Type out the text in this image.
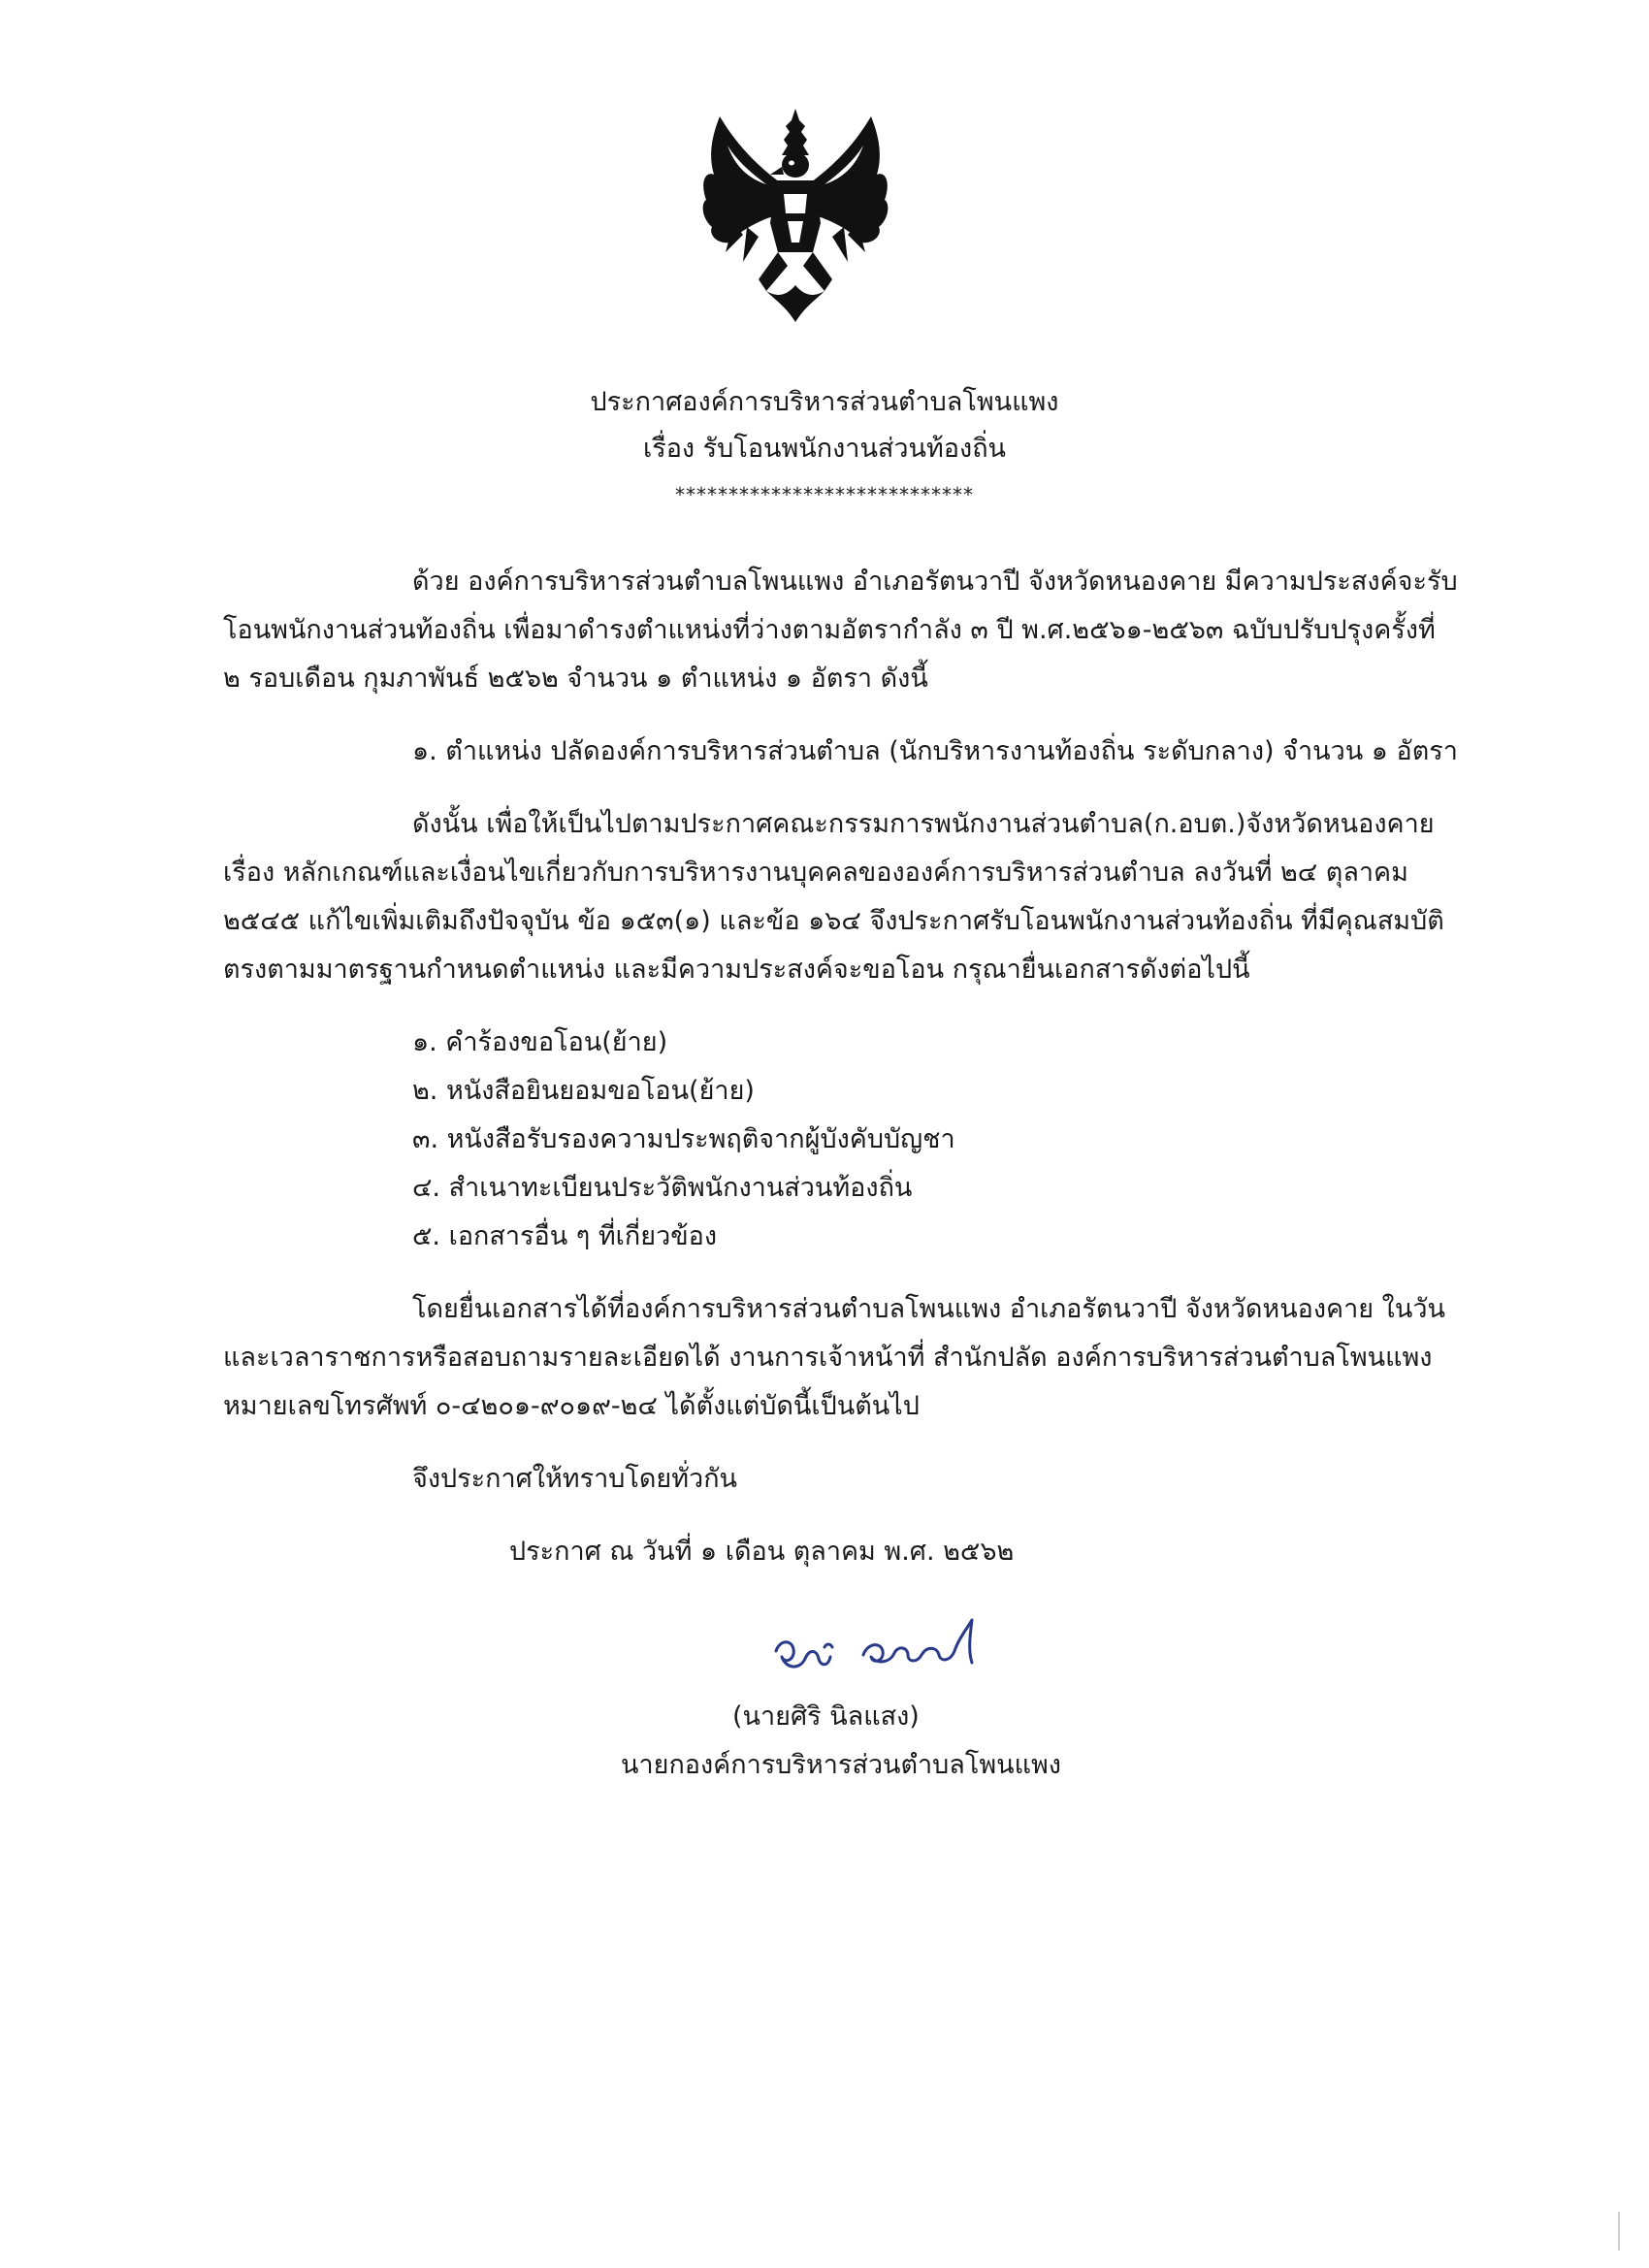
ประกาศองค์การบริหารส่วนตำบลโพนแพง
เรื่อง รับโอนพนักงานส่วนท้องถิ่น
****************************
ด้วย องค์การบริหารส่วนตำบลโพนแพง อำเภอรัตนวาปี จังหวัดหนองคาย มีความประสงค์จะรับ
โอนพนักงานส่วนท้องถิ่น เพื่อมาดำรงตำแหน่งที่ว่างตามอัตรากำลัง ๓ ปี พ.ศ.๒๕๖๑-๒๕๖๓ ฉบับปรับปรุงครั้งที่
๒ รอบเดือน กุมภาพันธ์ ๒๕๖๒ จำนวน ๑ ตำแหน่ง ๑ อัตรา ดังนี้
๑. ตำแหน่ง ปลัดองค์การบริหารส่วนตำบล (นักบริหารงานท้องถิ่น ระดับกลาง) จำนวน ๑ อัตรา
ดังนั้น เพื่อให้เป็นไปตามประกาศคณะกรรมการพนักงานส่วนตำบล(ก.อบต.)จังหวัดหนองคาย
เรื่อง หลักเกณฑ์และเงื่อนไขเกี่ยวกับการบริหารงานบุคคลขององค์การบริหารส่วนตำบล ลงวันที่ ๒๔ ตุลาคม
๒๕๔๕ แก้ไขเพิ่มเติมถึงปัจจุบัน ข้อ ๑๕๓(๑) และข้อ ๑๖๔ จึงประกาศรับโอนพนักงานส่วนท้องถิ่น ที่มีคุณสมบัติ
ตรงตามมาตรฐานกำหนดตำแหน่ง และมีความประสงค์จะขอโอน กรุณายื่นเอกสารดังต่อไปนี้
๑. คำร้องขอโอน(ย้าย)
๒. หนังสือยินยอมขอโอน(ย้าย)
๓. หนังสือรับรองความประพฤติจากผู้บังคับบัญชา
๔. สำเนาทะเบียนประวัติพนักงานส่วนท้องถิ่น
๕. เอกสารอื่น ๆ ที่เกี่ยวข้อง
โดยยื่นเอกสารได้ที่องค์การบริหารส่วนตำบลโพนแพง อำเภอรัตนวาปี จังหวัดหนองคาย ในวัน
และเวลาราชการหรือสอบถามรายละเอียดได้ งานการเจ้าหน้าที่ สำนักปลัด องค์การบริหารส่วนตำบลโพนแพง
หมายเลขโทรศัพท์ ๐-๔๒๐๑-๙๐๑๙-๒๔ ได้ตั้งแต่บัดนี้เป็นต้นไป
จึงประกาศให้ทราบโดยทั่วกัน
ประกาศ ณ วันที่ ๑ เดือน ตุลาคม พ.ศ. ๒๕๖๒
(นายศิริ นิลแสง)
นายกองค์การบริหารส่วนตำบลโพนแพง
